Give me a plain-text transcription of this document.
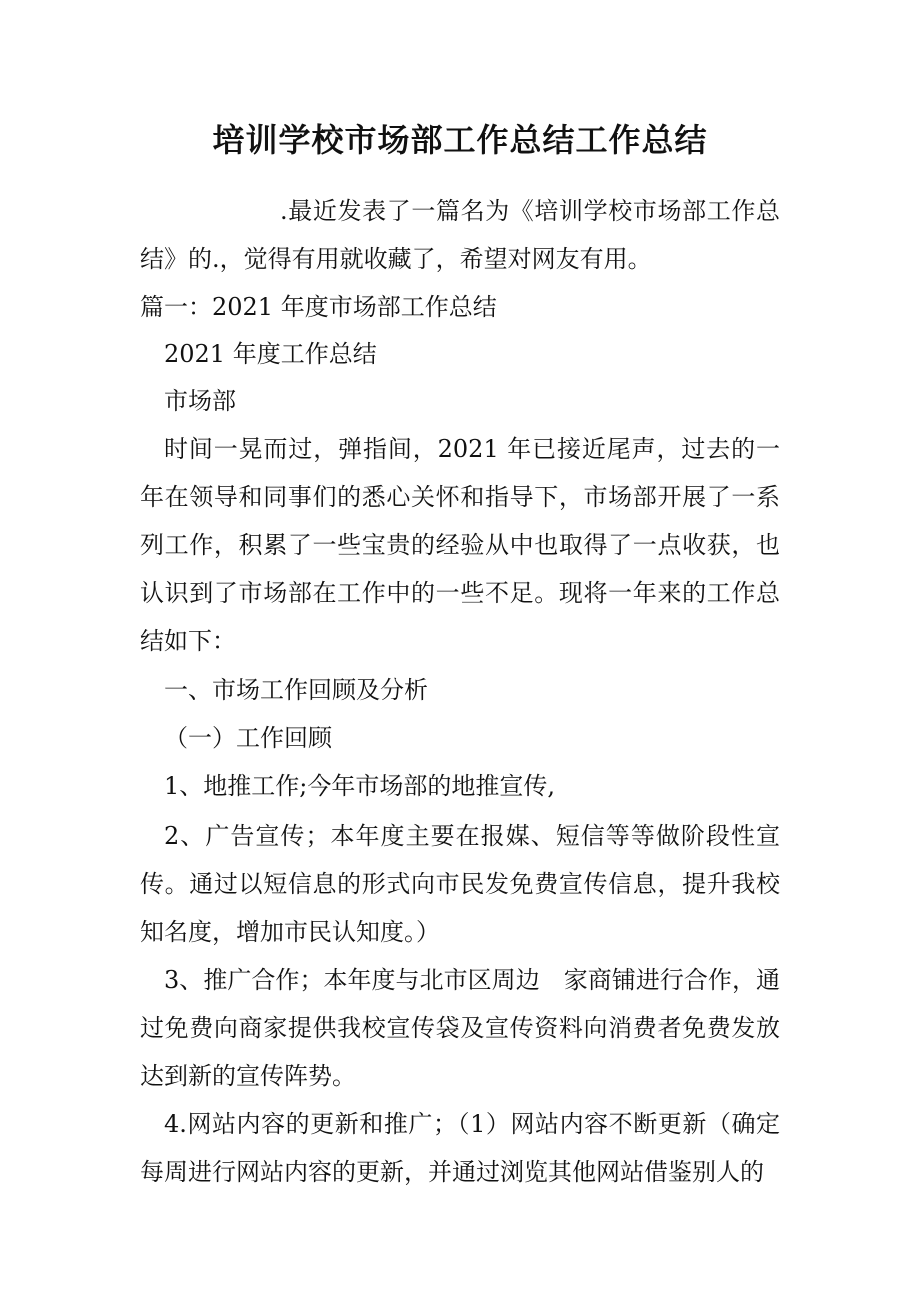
培训学校市场部工作总结工作总结

.最近发表了一篇名为《培训学校市场部工作总结》的.，觉得有用就收藏了，希望对网友有用。

篇一：2021 年度市场部工作总结

2021 年度工作总结

市场部

时间一晃而过，弹指间，2021 年已接近尾声，过去的一年在领导和同事们的悉心关怀和指导下，市场部开展了一系列工作，积累了一些宝贵的经验从中也取得了一点收获，也认识到了市场部在工作中的一些不足。现将一年来的工作总结如下：

一、市场工作回顾及分析

（一）工作回顾

1、地推工作;今年市场部的地推宣传,

2、广告宣传；本年度主要在报媒、短信等等做阶段性宣传。通过以短信息的形式向市民发免费宣传信息，提升我校知名度，增加市民认知度。）

3、推广合作；本年度与北市区周边　家商铺进行合作，通过免费向商家提供我校宣传袋及宣传资料向消费者免费发放达到新的宣传阵势。

4.网站内容的更新和推广；（1）网站内容不断更新（确定每周进行网站内容的更新，并通过浏览其他网站借鉴别人的
